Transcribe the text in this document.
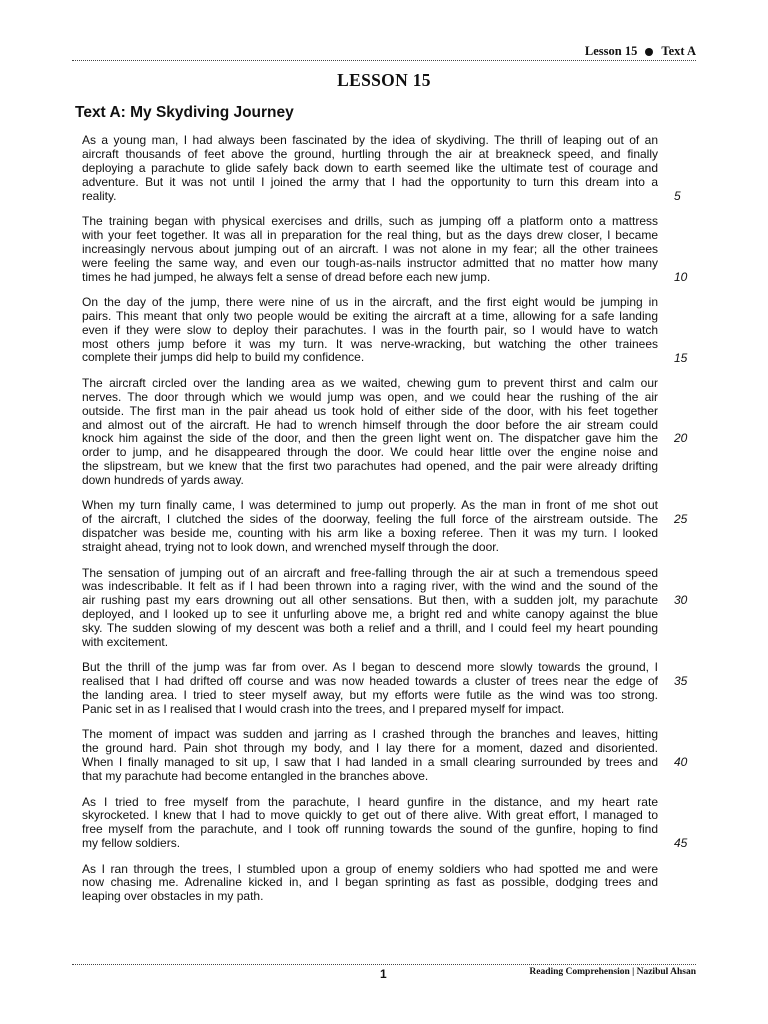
Lesson 15 Text A
LESSON 15
Text A: My Skydiving Journey
As a young man, I had always been fascinated by the idea of skydiving. The thrill of leaping out of an
aircraft thousands of feet above the ground, hurtling through the air at breakneck speed, and finally
deploying a parachute to glide safely back down to earth seemed like the ultimate test of courage and
adventure. But it was not until I joined the army that I had the opportunity to turn this dream into a
reality.	5
The training began with physical exercises and drills, such as jumping off a platform onto a mattress
with your feet together. It was all in preparation for the real thing, but as the days drew closer, I became
increasingly nervous about jumping out of an aircraft. I was not alone in my fear; all the other trainees
were feeling the same way, and even our tough-as-nails instructor admitted that no matter how many
times he had jumped, he always felt a sense of dread before each new jump.	10
On the day of the jump, there were nine of us in the aircraft, and the first eight would be jumping in
pairs. This meant that only two people would be exiting the aircraft at a time, allowing for a safe landing
even if they were slow to deploy their parachutes. I was in the fourth pair, so I would have to watch
most others jump before it was my turn. It was nerve-wracking, but watching the other trainees
complete their jumps did help to build my confidence.	15
The aircraft circled over the landing area as we waited, chewing gum to prevent thirst and calm our
nerves. The door through which we would jump was open, and we could hear the rushing of the air
outside. The first man in the pair ahead us took hold of either side of the door, with his feet together
and almost out of the aircraft. He had to wrench himself through the door before the air stream could
knock him against the side of the door, and then the green light went on. The dispatcher gave him the
order to jump, and he disappeared through the door. We could hear little over the engine noise and
the slipstream, but we knew that the first two parachutes had opened, and the pair were already drifting
down hundreds of yards away.
20
When my turn finally came, I was determined to jump out properly. As the man in front of me shot out
of the aircraft, I clutched the sides of the doorway, feeling the full force of the airstream outside. The
dispatcher was beside me, counting with his arm like a boxing referee. Then it was my turn. I looked
straight ahead, trying not to look down, and wrenched myself through the door.
25
The sensation of jumping out of an aircraft and free-falling through the air at such a tremendous speed
was indescribable. It felt as if I had been thrown into a raging river, with the wind and the sound of the
air rushing past my ears drowning out all other sensations. But then, with a sudden jolt, my parachute
deployed, and I looked up to see it unfurling above me, a bright red and white canopy against the blue
sky. The sudden slowing of my descent was both a relief and a thrill, and I could feel my heart pounding
with excitement.
30
But the thrill of the jump was far from over. As I began to descend more slowly towards the ground, I
realised that I had drifted off course and was now headed towards a cluster of trees near the edge of
the landing area. I tried to steer myself away, but my efforts were futile as the wind was too strong.
Panic set in as I realised that I would crash into the trees, and I prepared myself for impact.
35
The moment of impact was sudden and jarring as I crashed through the branches and leaves, hitting
the ground hard. Pain shot through my body, and I lay there for a moment, dazed and disoriented.
When I finally managed to sit up, I saw that I had landed in a small clearing surrounded by trees and
that my parachute had become entangled in the branches above.
40
As I tried to free myself from the parachute, I heard gunfire in the distance, and my heart rate
skyrocketed. I knew that I had to move quickly to get out of there alive. With great effort, I managed to
free myself from the parachute, and I took off running towards the sound of the gunfire, hoping to find
my fellow soldiers.	45
As I ran through the trees, I stumbled upon a group of enemy soldiers who had spotted me and were
now chasing me. Adrenaline kicked in, and I began sprinting as fast as possible, dodging trees and
leaping over obstacles in my path.
1	Reading Comprehension | Nazibul Ahsan
